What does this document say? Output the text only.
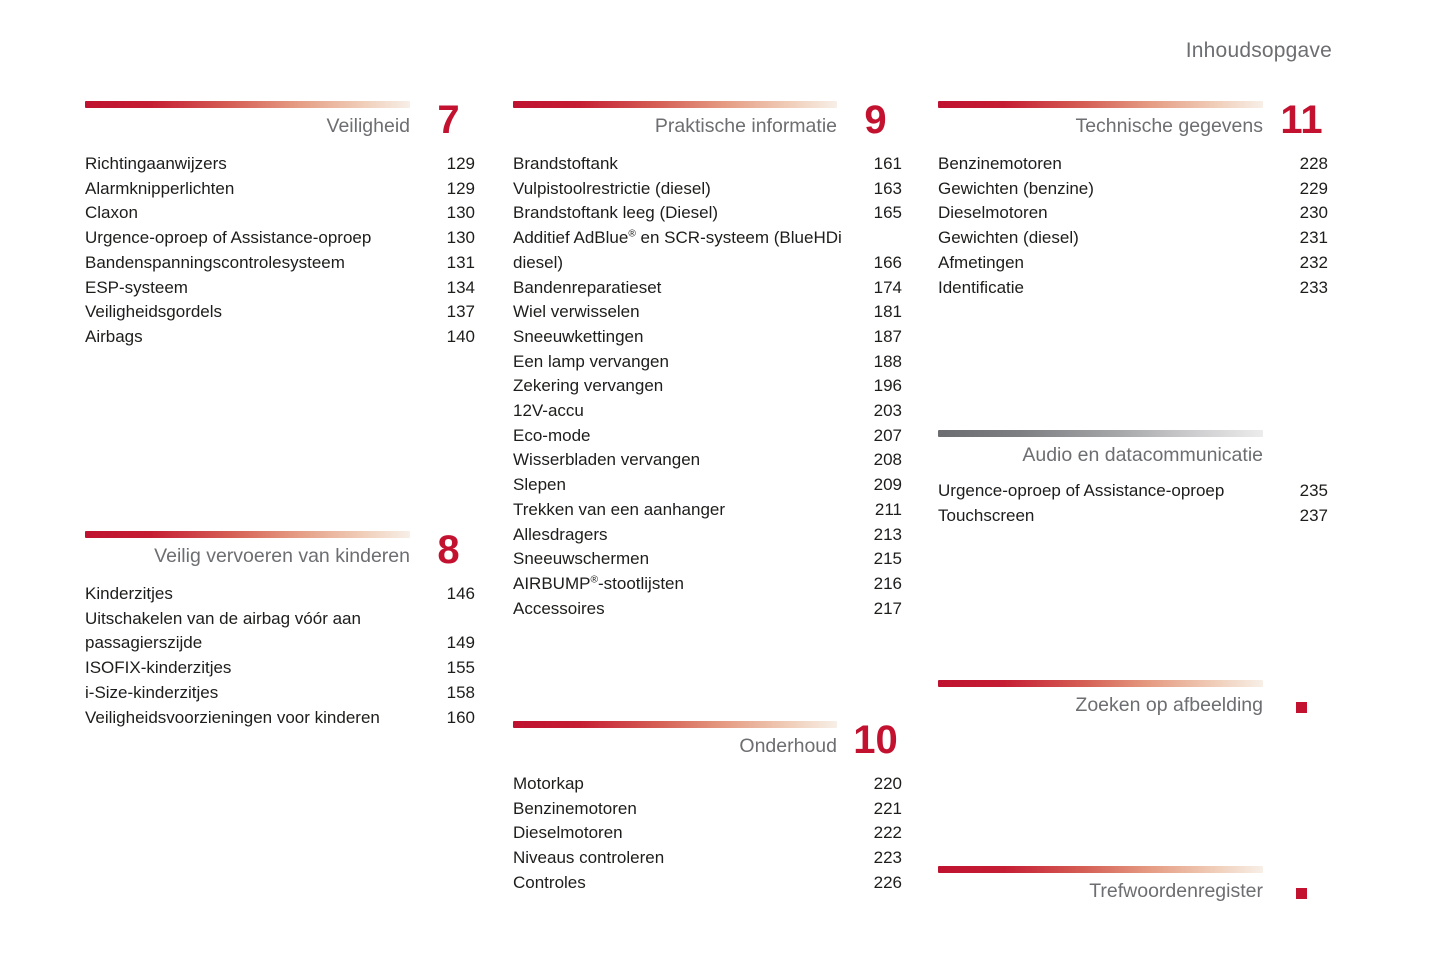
Inhoudsopgave
Veiligheid 7
Richtingaanwijzers	129
Alarmknipperlichten	129
Claxon	130
Urgence-oproep of Assistance-oproep	130
Bandenspanningscontrolesysteem	131
ESP-systeem	134
Veiligheidsgordels	137
Airbags	140
Veilig vervoeren van kinderen 8
Kinderzitjes	146
Uitschakelen van de airbag vóór aan passagierszijde	149
ISOFIX-kinderzitjes	155
i-Size-kinderzitjes	158
Veiligheidsvoorzieningen voor kinderen	160
Praktische informatie 9
Brandstoftank	161
Vulpistoolrestrictie (diesel)	163
Brandstoftank leeg (Diesel)	165
Additief AdBlue® en SCR-systeem (BlueHDi diesel)	166
Bandenreparatieset	174
Wiel verwisselen	181
Sneeuwkettingen	187
Een lamp vervangen	188
Zekering vervangen	196
12V-accu	203
Eco-mode	207
Wisserbladen vervangen	208
Slepen	209
Trekken van een aanhanger	211
Allesdragers	213
Sneeuwschermen	215
AIRBUMP®-stootlijsten	216
Accessoires	217
Onderhoud 10
Motorkap	220
Benzinemotoren	221
Dieselmotoren	222
Niveaus controleren	223
Controles	226
Technische gegevens 11
Benzinemotoren	228
Gewichten (benzine)	229
Dieselmotoren	230
Gewichten (diesel)	231
Afmetingen	232
Identificatie	233
Audio en datacommunicatie
Urgence-oproep of Assistance-oproep	235
Touchscreen	237
Zoeken op afbeelding
Trefwoordenregister
